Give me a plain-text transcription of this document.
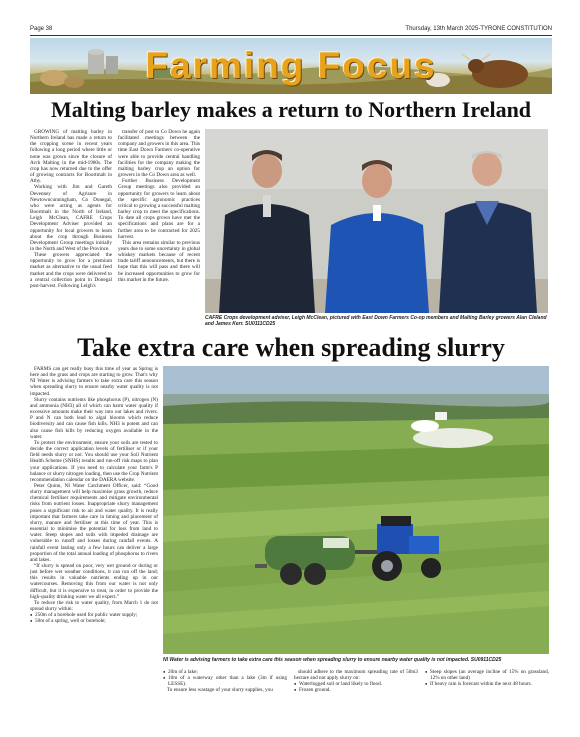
Page 38	Thursday, 13th March 2025-TYRONE CONSTITUTION
Farming Focus
Malting barley makes a return to Northern Ireland

GROWING of malting barley in Northern Ireland has made a return to the cropping scene in recent years following a long period where little or none was grown since the closure of Arch Malting in the mid-1980s. The crop has now returned due to the offer of growing contracts for Boortmalt in Athy.

Working with Jim and Gareth Devenney of Agrisure in Newtowncunningham, Co Donegal, who were acting as agents for Boortmalt in the North of Ireland, Leigh McClean, CAFRE Crops Development Adviser provided an opportunity for local growers to learn about the crop through Business Development Group meetings initially in the North and West of the Province.

These growers appreciated the opportunity to grow for a premium market as alternative to the usual feed market and the crops were delivered to a central collection point in Donegal post-harvest. Following Leigh's

transfer of post to Co Down he again facilitated meetings between the company and growers in this area. This time East Down Farmers co-operative were able to provide central handling facilities for the company making the malting barley crop an option for growers in the Co Down area as well.

Further Business Development Group meetings also provided an opportunity for growers to learn about the specific agronomic practices critical to growing a successful malting barley crop to meet the specifications. To date all crops grown have met the specifications and plans are for a further area to be contracted for 2025 harvest.

This area remains similar to previous years due to some uncertainty in global whiskey markets because of recent trade tariff announcements, but there is hope that this will pass and there will be increased opportunities to grow for this market in the future.

CAFRE Crops development adviser, Leigh McClean, pictured with East Down Farmers Co-op members and Malting Barley growers Alan Cleland and James Kerr. SU0111CD25
Take extra care when spreading slurry

FARMS can get really busy this time of year as Spring is here and the grass and crops are starting to grow. That's why NI Water is advising farmers to take extra care this season when spreading slurry to ensure nearby water quality is not impacted.

Slurry contains nutrients like phosphorus (P), nitrogen (N) and ammonia (NH3) all of which can harm water quality if excessive amounts make their way into our lakes and rivers. P and N can both lead to algal blooms which reduce biodiversity and can cause fish kills. NH3 is potent and can also cause fish kills by reducing oxygen available in the water.

To protect the environment, ensure your soils are tested to decide the correct application levels of fertiliser or if your field needs slurry or not. You should use your Soil Nutrient Health Scheme (SNHS) results and run-off risk maps to plan your applications. If you need to calculate your farm's P balance or slurry nitrogen loading, then use the Crop Nutrient recommendation calendar on the DAERA website.

Peter Quinn, NI Water Catchment Officer, said: “Good slurry management will help maximise grass growth, reduce chemical fertiliser requirements and mitigate environmental risks from nutrient losses. Inappropriate slurry management poses a significant risk to air and water quality. It is really important that farmers take care in timing and placement of slurry, manure and fertiliser at this time of year. This is essential to minimise the potential for loss from land to water. Steep slopes and soils with impeded drainage are vulnerable to runoff and losses during rainfall events. A rainfall event lasting only a few hours can deliver a large proportion of the total annual loading of phosphorus to rivers and lakes.

“If slurry is spread on poor, very wet ground or during or just before wet weather conditions, it can run off the land; this results in valuable nutrients ending up in our watercourses. Removing this from our water is not only difficult, but it is expensive to treat, in order to provide the high-quality drinking water we all expect.”

To reduce the risk to water quality, from March 1 do not spread slurry within:

● 250m of a borehole used for public water supply;

● 50m of a spring, well or borehole;

NI Water is advising farmers to take extra care this season when spreading slurry to ensure nearby water quality is not impacted. SU0911CD25

● 20m of a lake;

● 10m of a waterway other than a lake (3m if using LESSE).

To ensure less wastage of your slurry supplies, you

should adhere to the maximum spreading rate of 50m3 hectare and not apply slurry on:

● Waterlogged soil or land likely to flood.

● Frozen ground.

● Steep slopes (an average incline of 15% on grassland, 12% on other land)

● If heavy rain is forecast within the next 48 hours.
